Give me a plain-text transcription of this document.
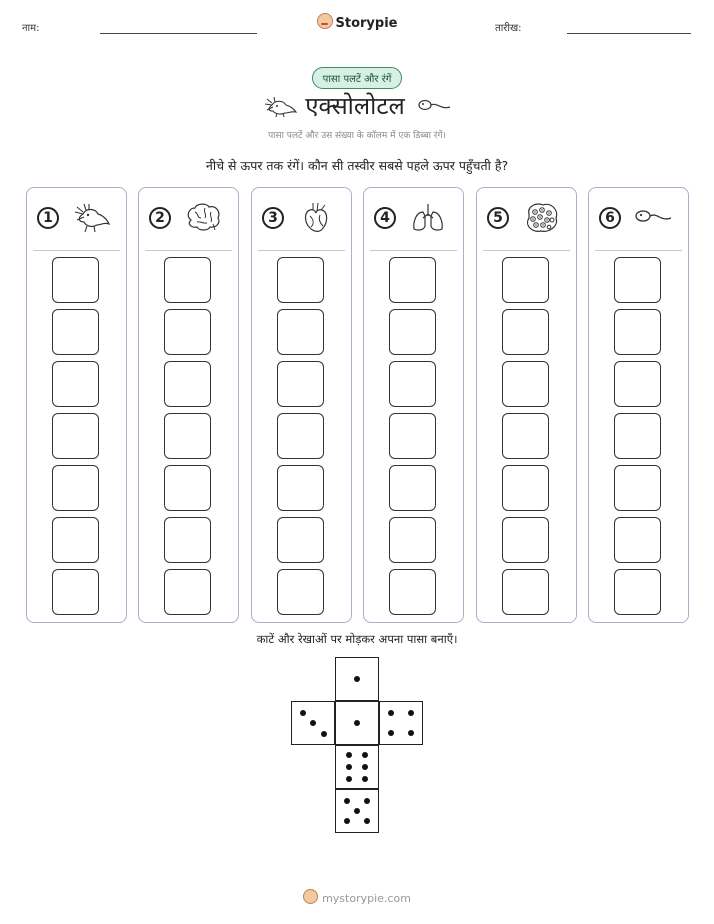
नाम:	Storypie	तारीख:
पासा पलटें और रंगें
एक्सोलोटल
पासा पलटें और उस संख्या के कॉलम में एक डिब्बा रंगें।
नीचे से ऊपर तक रंगें। कौन सी तस्वीर सबसे पहले ऊपर पहुँचती है?
1	2	3	4	5	6
काटें और रेखाओं पर मोड़कर अपना पासा बनाएँ।
mystorypie.com
